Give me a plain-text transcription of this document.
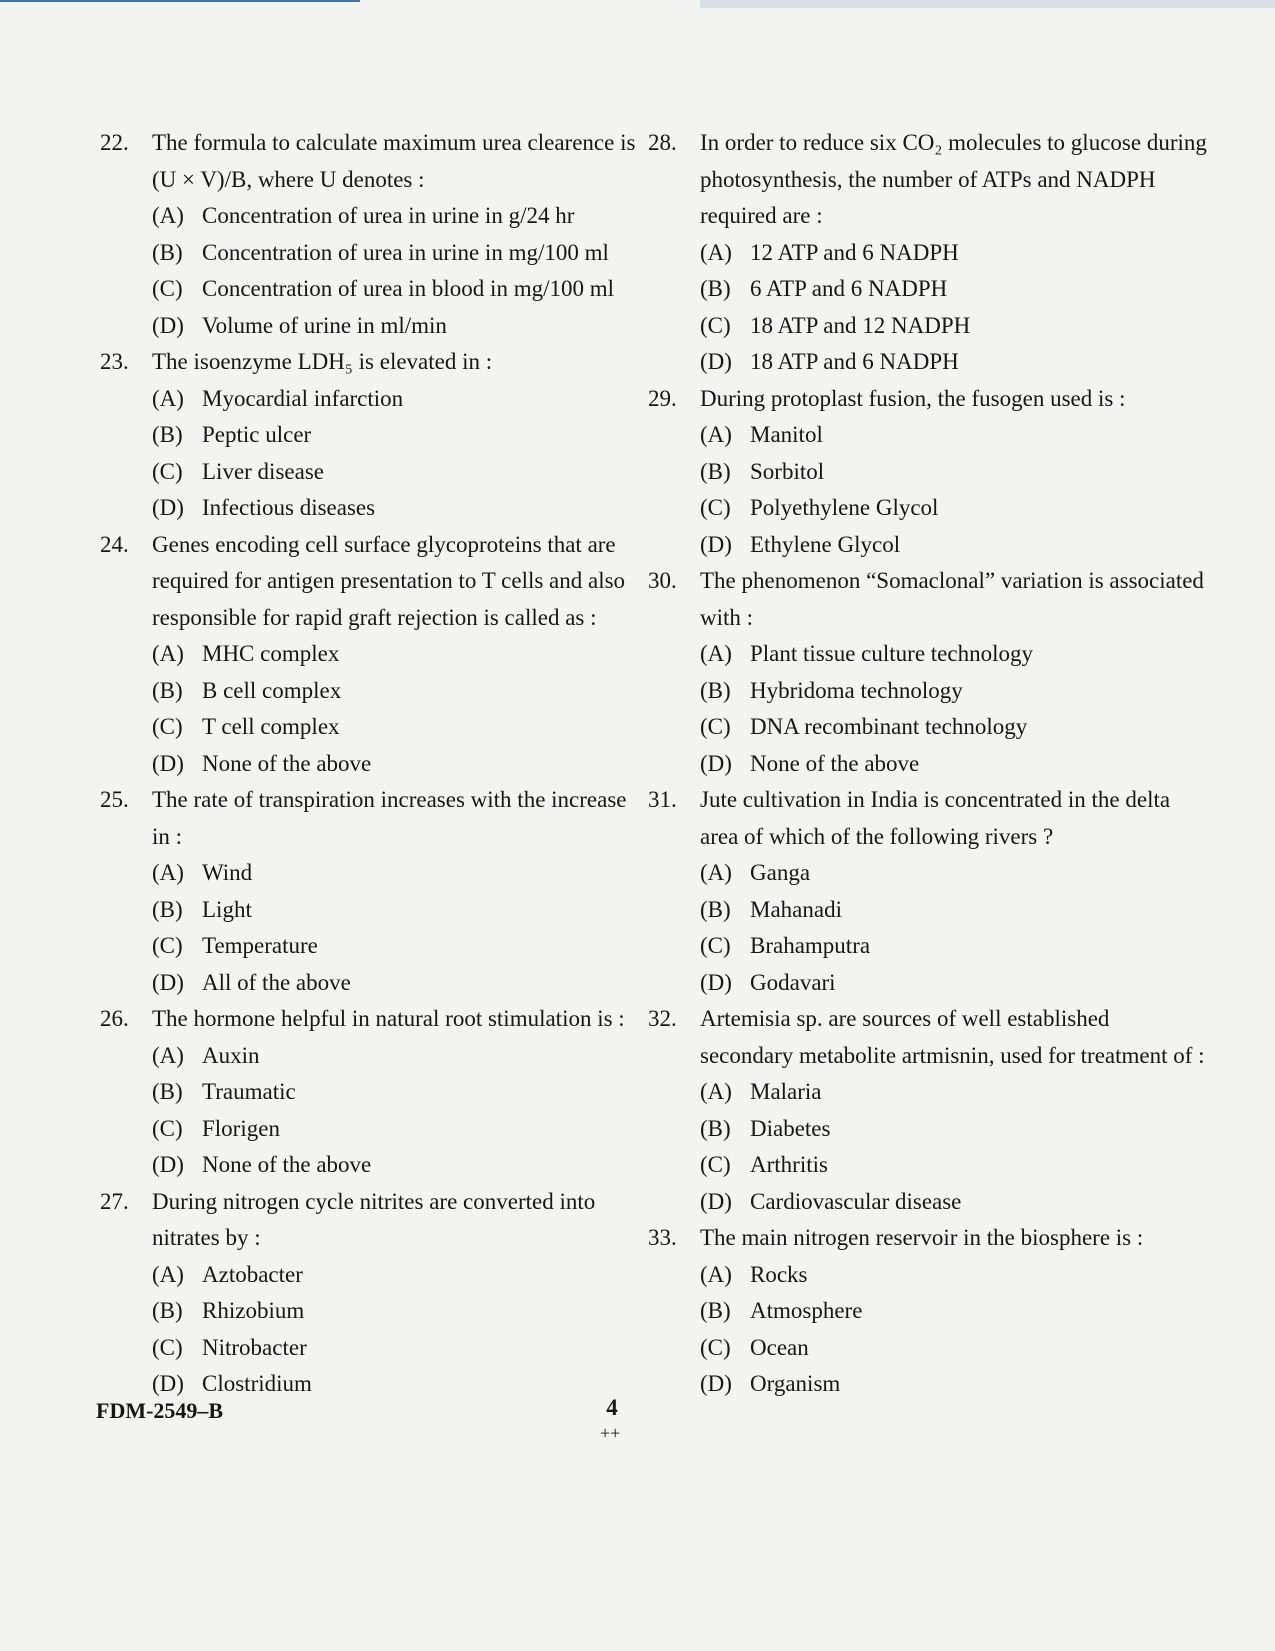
22.	The formula to calculate maximum urea clearence is (U × V)/B, where U denotes :
(A) Concentration of urea in urine in g/24 hr
(B) Concentration of urea in urine in mg/100 ml
(C) Concentration of urea in blood in mg/100 ml
(D) Volume of urine in ml/min
23.	The isoenzyme LDH₅ is elevated in :
(A) Myocardial infarction
(B) Peptic ulcer
(C) Liver disease
(D) Infectious diseases
24.	Genes encoding cell surface glycoproteins that are required for antigen presentation to T cells and also responsible for rapid graft rejection is called as :
(A) MHC complex
(B) B cell complex
(C) T cell complex
(D) None of the above
25.	The rate of transpiration increases with the increase in :
(A) Wind
(B) Light
(C) Temperature
(D) All of the above
26.	The hormone helpful in natural root stimulation is :
(A) Auxin
(B) Traumatic
(C) Florigen
(D) None of the above
27.	During nitrogen cycle nitrites are converted into nitrates by :
(A) Aztobacter
(B) Rhizobium
(C) Nitrobacter
(D) Clostridium
28.	In order to reduce six CO₂ molecules to glucose during photosynthesis, the number of ATPs and NADPH required are :
(A) 12 ATP and 6 NADPH
(B) 6 ATP and 6 NADPH
(C) 18 ATP and 12 NADPH
(D) 18 ATP and 6 NADPH
29.	During protoplast fusion, the fusogen used is :
(A) Manitol
(B) Sorbitol
(C) Polyethylene Glycol
(D) Ethylene Glycol
30.	The phenomenon “Somaclonal” variation is associated with :
(A) Plant tissue culture technology
(B) Hybridoma technology
(C) DNA recombinant technology
(D) None of the above
31.	Jute cultivation in India is concentrated in the delta area of which of the following rivers ?
(A) Ganga
(B) Mahanadi
(C) Brahamputra
(D) Godavari
32.	Artemisia sp. are sources of well established secondary metabolite artmisnin, used for treatment of :
(A) Malaria
(B) Diabetes
(C) Arthritis
(D) Cardiovascular disease
33.	The main nitrogen reservoir in the biosphere is :
(A) Rocks
(B) Atmosphere
(C) Ocean
(D) Organism
FDM-2549–B	4
++
